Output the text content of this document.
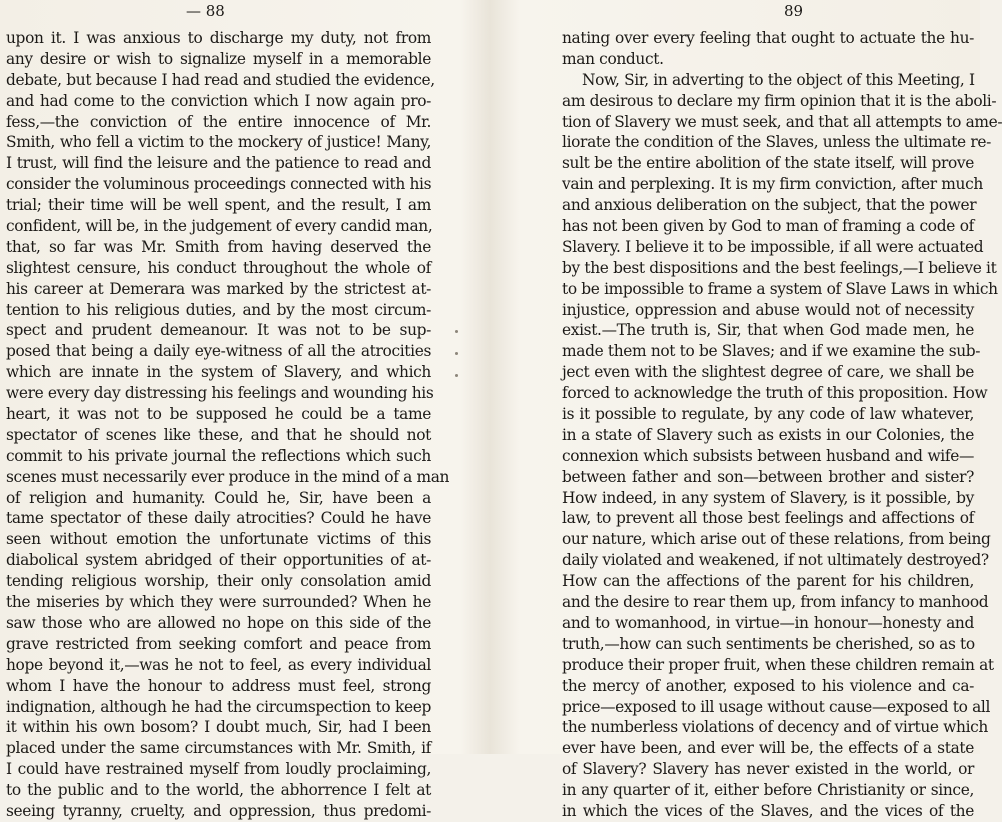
— 88
upon it. I was anxious to discharge my duty, not from
any desire or wish to signalize myself in a memorable
debate, but because I had read and studied the evidence,
and had come to the conviction which I now again pro-
fess,—the conviction of the entire innocence of Mr.
Smith, who fell a victim to the mockery of justice! Many,
I trust, will find the leisure and the patience to read and
consider the voluminous proceedings connected with his
trial; their time will be well spent, and the result, I am
confident, will be, in the judgement of every candid man,
that, so far was Mr. Smith from having deserved the
slightest censure, his conduct throughout the whole of
his career at Demerara was marked by the strictest at-
tention to his religious duties, and by the most circum-
spect and prudent demeanour. It was not to be sup-
posed that being a daily eye-witness of all the atrocities
which are innate in the system of Slavery, and which
were every day distressing his feelings and wounding his
heart, it was not to be supposed he could be a tame
spectator of scenes like these, and that he should not
commit to his private journal the reflections which such
scenes must necessarily ever produce in the mind of a man
of religion and humanity. Could he, Sir, have been a
tame spectator of these daily atrocities? Could he have
seen without emotion the unfortunate victims of this
diabolical system abridged of their opportunities of at-
tending religious worship, their only consolation amid
the miseries by which they were surrounded? When he
saw those who are allowed no hope on this side of the
grave restricted from seeking comfort and peace from
hope beyond it,—was he not to feel, as every individual
whom I have the honour to address must feel, strong
indignation, although he had the circumspection to keep
it within his own bosom? I doubt much, Sir, had I been
placed under the same circumstances with Mr. Smith, if
I could have restrained myself from loudly proclaiming,
to the public and to the world, the abhorrence I felt at
seeing tyranny, cruelty, and oppression, thus predomi-
89
nating over every feeling that ought to actuate the hu-
man conduct.
Now, Sir, in adverting to the object of this Meeting, I
am desirous to declare my firm opinion that it is the aboli-
tion of Slavery we must seek, and that all attempts to ame-
liorate the condition of the Slaves, unless the ultimate re-
sult be the entire abolition of the state itself, will prove
vain and perplexing. It is my firm conviction, after much
and anxious deliberation on the subject, that the power
has not been given by God to man of framing a code of
Slavery. I believe it to be impossible, if all were actuated
by the best dispositions and the best feelings,—I believe it
to be impossible to frame a system of Slave Laws in which
injustice, oppression and abuse would not of necessity
exist.—The truth is, Sir, that when God made men, he
made them not to be Slaves; and if we examine the sub-
ject even with the slightest degree of care, we shall be
forced to acknowledge the truth of this proposition. How
is it possible to regulate, by any code of law whatever,
in a state of Slavery such as exists in our Colonies, the
connexion which subsists between husband and wife—
between father and son—between brother and sister?
How indeed, in any system of Slavery, is it possible, by
law, to prevent all those best feelings and affections of
our nature, which arise out of these relations, from being
daily violated and weakened, if not ultimately destroyed?
How can the affections of the parent for his children,
and the desire to rear them up, from infancy to manhood
and to womanhood, in virtue—in honour—honesty and
truth,—how can such sentiments be cherished, so as to
produce their proper fruit, when these children remain at
the mercy of another, exposed to his violence and ca-
price—exposed to ill usage without cause—exposed to all
the numberless violations of decency and of virtue which
ever have been, and ever will be, the effects of a state
of Slavery? Slavery has never existed in the world, or
in any quarter of it, either before Christianity or since,
in which the vices of the Slaves, and the vices of the
